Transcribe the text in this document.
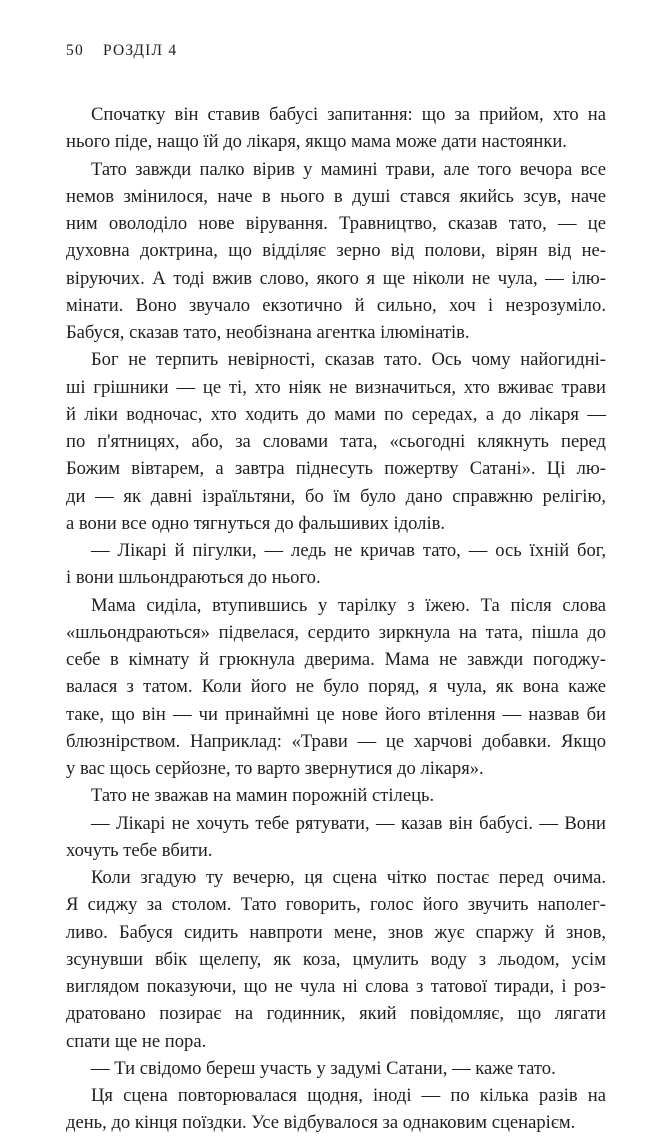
50 РОЗДІЛ 4
Спочатку він ставив бабусі запитання: що за прийом, хто на
нього піде, нащо їй до лікаря, якщо мама може дати настоянки.
Тато завжди палко вірив у мамині трави, але того вечора все
немов змінилося, наче в нього в душі стався якийсь зсув, наче
ним оволоділо нове вірування. Травництво, сказав тато, — це
духовна доктрина, що відділяє зерно від полови, вірян від не-
віруючих. А тоді вжив слово, якого я ще ніколи не чула, — ілю-
мінати. Воно звучало екзотично й сильно, хоч і незрозуміло.
Бабуся, сказав тато, необізнана агентка ілюмінатів.
Бог не терпить невірності, сказав тато. Ось чому найогидні-
ші грішники — це ті, хто ніяк не визначиться, хто вживає трави
й ліки водночас, хто ходить до мами по середах, а до лікаря —
по п'ятницях, або, за словами тата, «сьогодні клякнуть перед
Божим вівтарем, а завтра піднесуть пожертву Сатані». Ці лю-
ди — як давні ізраїльтяни, бо їм було дано справжню релігію,
а вони все одно тягнуться до фальшивих ідолів.
— Лікарі й пігулки, — ледь не кричав тато, — ось їхній бог,
і вони шльондраються до нього.
Мама сиділа, втупившись у тарілку з їжею. Та після слова
«шльондраються» підвелася, сердито зиркнула на тата, пішла до
себе в кімнату й грюкнула дверима. Мама не завжди погоджу-
валася з татом. Коли його не було поряд, я чула, як вона каже
таке, що він — чи принаймні це нове його втілення — назвав би
блюзнірством. Наприклад: «Трави — це харчові добавки. Якщо
у вас щось серйозне, то варто звернутися до лікаря».
Тато не зважав на мамин порожній стілець.
— Лікарі не хочуть тебе рятувати, — казав він бабусі. — Вони
хочуть тебе вбити.
Коли згадую ту вечерю, ця сцена чітко постає перед очима.
Я сиджу за столом. Тато говорить, голос його звучить наполег-
ливо. Бабуся сидить навпроти мене, знов жує спаржу й знов,
зсунувши вбік щелепу, як коза, цмулить воду з льодом, усім
виглядом показуючи, що не чула ні слова з татової тиради, і роз-
дратовано позирає на годинник, який повідомляє, що лягати
спати ще не пора.
— Ти свідомо береш участь у задумі Сатани, — каже тато.
Ця сцена повторювалася щодня, іноді — по кілька разів на
день, до кінця поїздки. Усе відбувалося за однаковим сценарієм.
